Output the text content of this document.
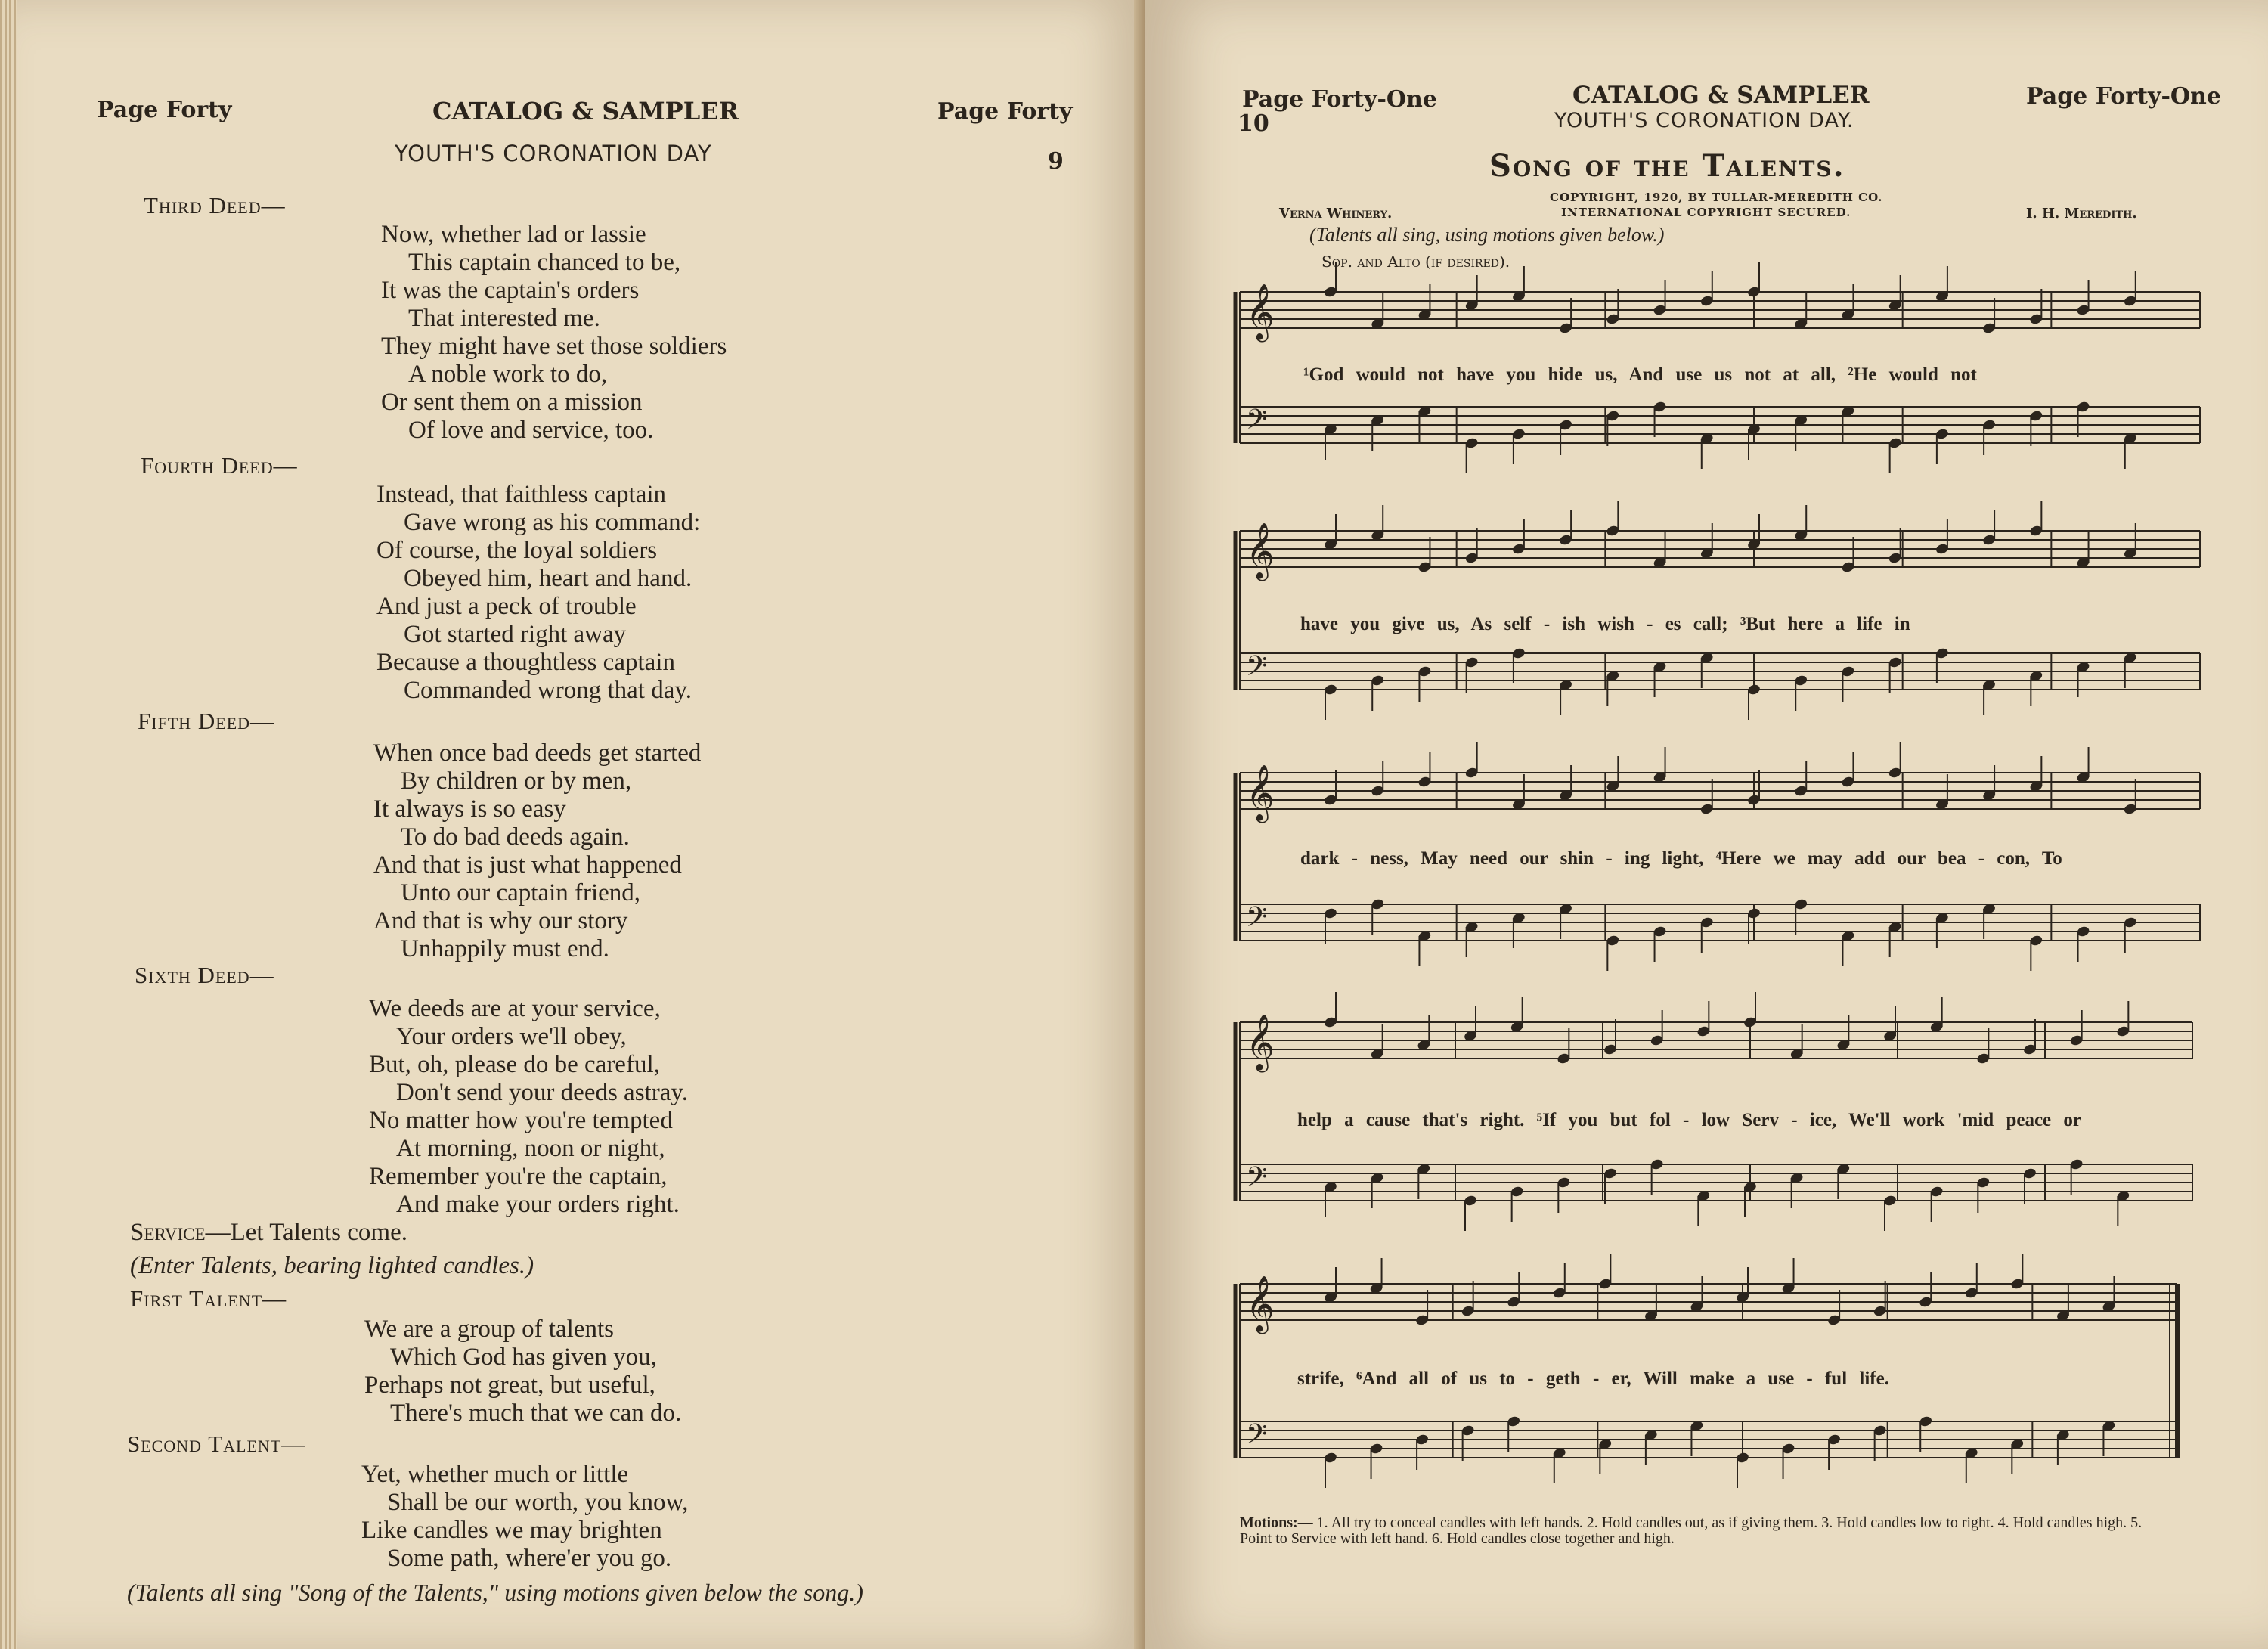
Page Forty	CATALOG & SAMPLER	Page Forty
YOUTH'S CORONATION DAY	9
Third Deed—
Now, whether lad or lassie
This captain chanced to be,
It was the captain's orders
That interested me.
They might have set those soldiers
A noble work to do,
Or sent them on a mission
Of love and service, too.
Fourth Deed—
Instead, that faithless captain
Gave wrong as his command:
Of course, the loyal soldiers
Obeyed him, heart and hand.
And just a peck of trouble
Got started right away
Because a thoughtless captain
Commanded wrong that day.
Fifth Deed—
When once bad deeds get started
By children or by men,
It always is so easy
To do bad deeds again.
And that is just what happened
Unto our captain friend,
And that is why our story
Unhappily must end.
Sixth Deed—
We deeds are at your service,
Your orders we'll obey,
But, oh, please do be careful,
Don't send your deeds astray.
No matter how you're tempted
At morning, noon or night,
Remember you're the captain,
And make your orders right.
Service—Let Talents come.
(Enter Talents, bearing lighted candles.)
First Talent—
We are a group of talents
Which God has given you,
Perhaps not great, but useful,
There's much that we can do.
Second Talent—
Yet, whether much or little
Shall be our worth, you know,
Like candles we may brighten
Some path, where'er you go.
(Talents all sing "Song of the Talents," using motions given below the song.)
Page Forty-One	CATALOG & SAMPLER	Page Forty-One
YOUTH'S CORONATION DAY.
10
Song of the Talents.
COPYRIGHT, 1920, BY TULLAR-MEREDITH CO.
INTERNATIONAL COPYRIGHT SECURED.
Verna Whinery.	I. H. Meredith.
(Talents all sing, using motions given below.)
Sop. and Alto (if desired).
𝄞
𝄢
𝄞
𝄢
𝄞
𝄢
𝄞
𝄢
𝄞
𝄢
¹God would not have you hide us, And use us not at all, ²He would not
have you give us, As self - ish wish - es call; ³But here a life in
dark - ness, May need our shin - ing light, ⁴Here we may add our bea - con, To
help a cause that's right. ⁵If you but fol - low Serv - ice, We'll work 'mid peace or
strife, ⁶And all of us to - geth - er, Will make a use - ful life.
Motions:— 1. All try to conceal candles with left hands. 2. Hold candles out, as if giving them. 3. Hold candles low to right. 4. Hold candles high. 5. Point to Service with left hand. 6. Hold candles close together and high.
